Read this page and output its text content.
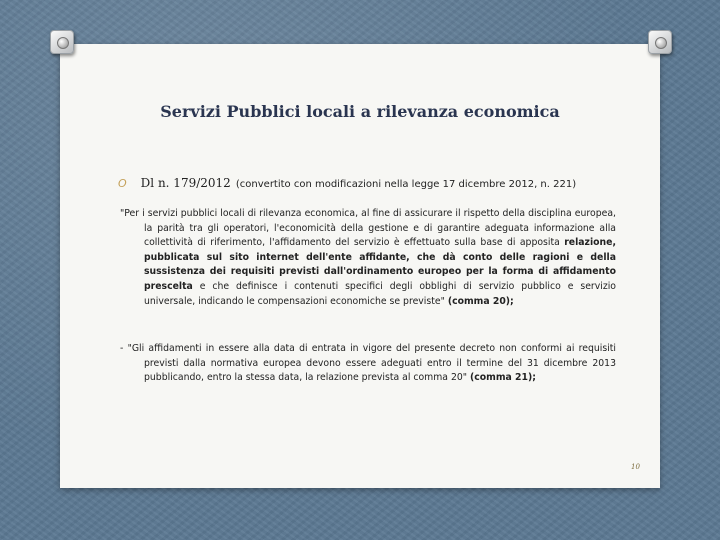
Servizi Pubblici locali a rilevanza economica
O Dl n. 179/2012 (convertito con modificazioni nella legge 17 dicembre 2012, n. 221)

"Per i servizi pubblici locali di rilevanza economica, al fine di assicurare il rispetto della disciplina europea, la parità tra gli operatori, l'economicità della gestione e di garantire adeguata informazione alla collettività di riferimento, l'affidamento del servizio è effettuato sulla base di apposita relazione, pubblicata sul sito internet dell'ente affidante, che dà conto delle ragioni e della sussistenza dei requisiti previsti dall'ordinamento europeo per la forma di affidamento prescelta e che definisce i contenuti specifici degli obblighi di servizio pubblico e servizio universale, indicando le compensazioni economiche se previste" (comma 20);

- "Gli affidamenti in essere alla data di entrata in vigore del presente decreto non conformi ai requisiti previsti dalla normativa europea devono essere adeguati entro il termine del 31 dicembre 2013 pubblicando, entro la stessa data, la relazione prevista al comma 20" (comma 21);

10
